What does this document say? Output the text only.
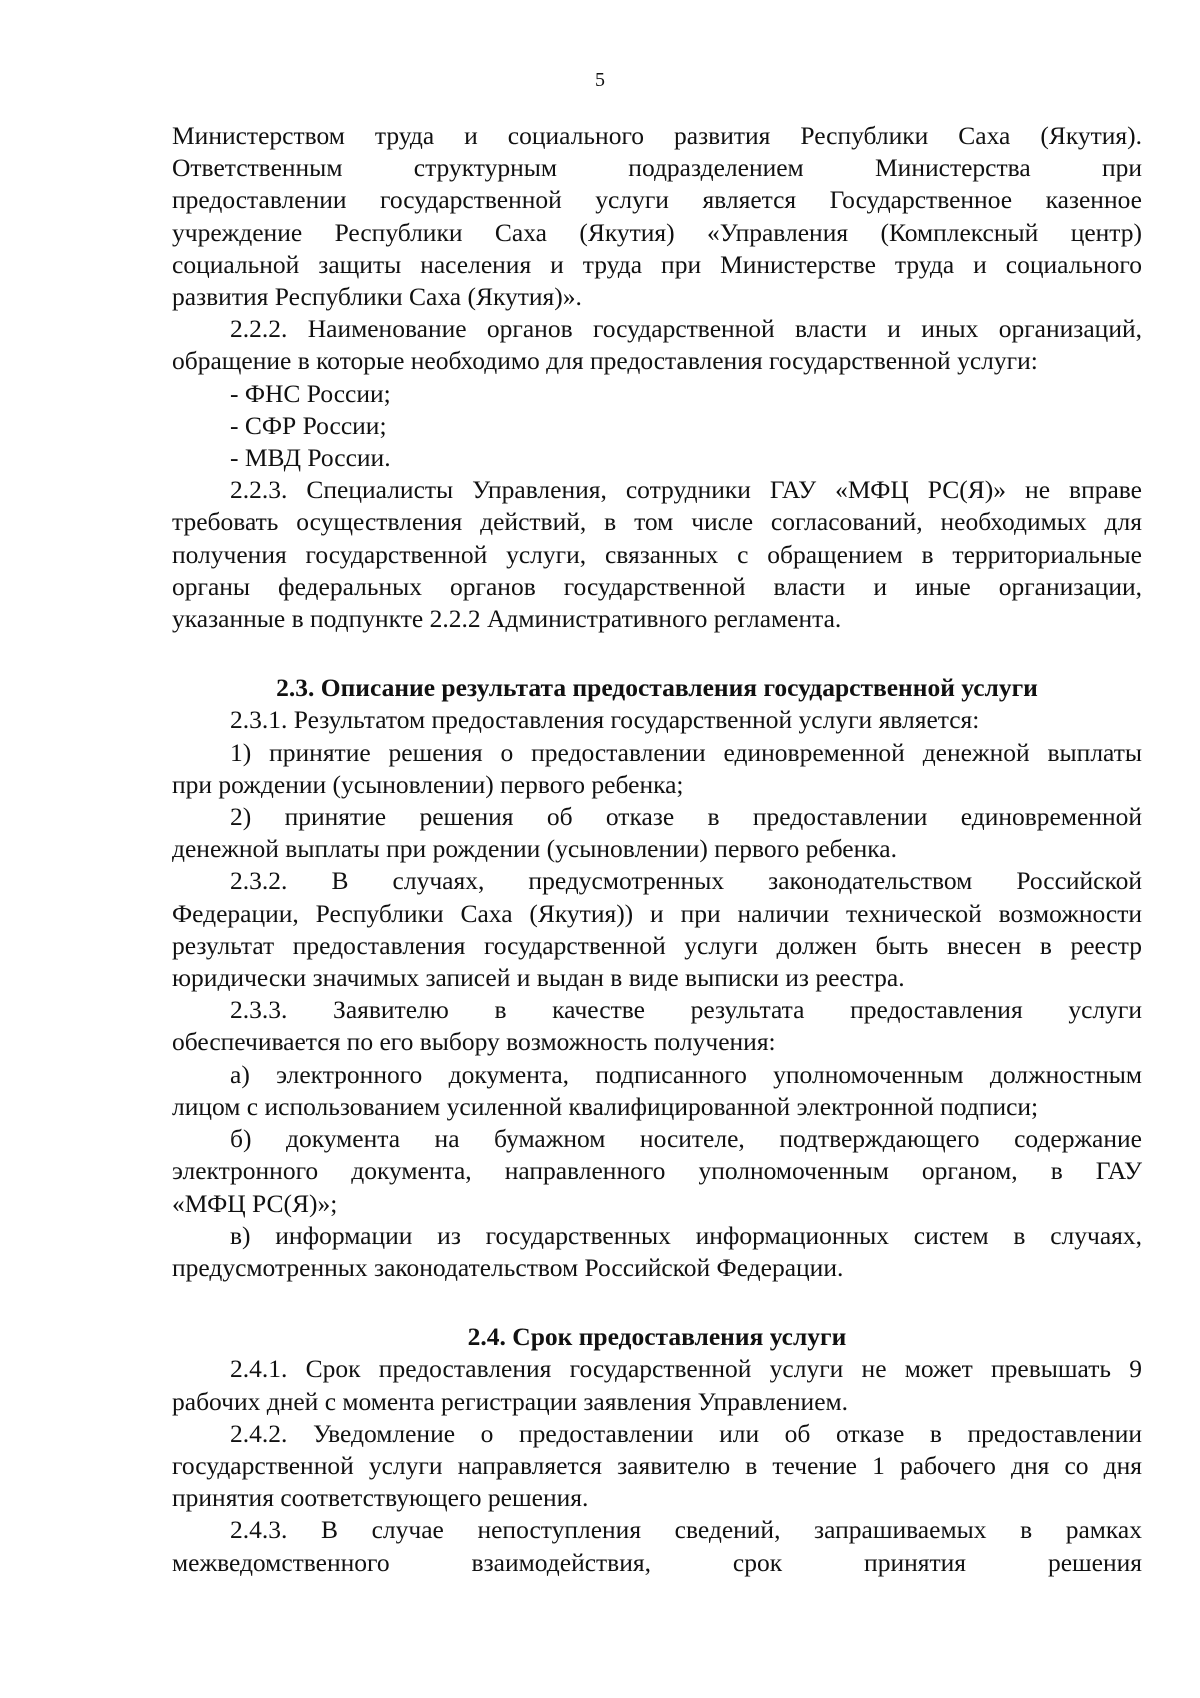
5
Министерством труда и социального развития Республики Саха (Якутия).
Ответственным структурным подразделением Министерства при
предоставлении государственной услуги является Государственное казенное
учреждение Республики Саха (Якутия) «Управления (Комплексный центр)
социальной защиты населения и труда при Министерстве труда и социального
развития Республики Саха (Якутия)».
2.2.2. Наименование органов государственной власти и иных организаций,
обращение в которые необходимо для предоставления государственной услуги:
- ФНС России;
- СФР России;
- МВД России.
2.2.3. Специалисты Управления, сотрудники ГАУ «МФЦ РС(Я)» не вправе
требовать осуществления действий, в том числе согласований, необходимых для
получения государственной услуги, связанных с обращением в территориальные
органы федеральных органов государственной власти и иные организации,
указанные в подпункте 2.2.2 Административного регламента.
2.3. Описание результата предоставления государственной услуги
2.3.1. Результатом предоставления государственной услуги является:
1) принятие решения о предоставлении единовременной денежной выплаты
при рождении (усыновлении) первого ребенка;
2) принятие решения об отказе в предоставлении единовременной
денежной выплаты при рождении (усыновлении) первого ребенка.
2.3.2. В случаях, предусмотренных законодательством Российской
Федерации, Республики Саха (Якутия)) и при наличии технической возможности
результат предоставления государственной услуги должен быть внесен в реестр
юридически значимых записей и выдан в виде выписки из реестра.
2.3.3. Заявителю в качестве результата предоставления услуги
обеспечивается по его выбору возможность получения:
а) электронного документа, подписанного уполномоченным должностным
лицом с использованием усиленной квалифицированной электронной подписи;
б) документа на бумажном носителе, подтверждающего содержание
электронного документа, направленного уполномоченным органом, в ГАУ
«МФЦ РС(Я)»;
в) информации из государственных информационных систем в случаях,
предусмотренных законодательством Российской Федерации.
2.4. Срок предоставления услуги
2.4.1. Срок предоставления государственной услуги не может превышать 9
рабочих дней с момента регистрации заявления Управлением.
2.4.2. Уведомление о предоставлении или об отказе в предоставлении
государственной услуги направляется заявителю в течение 1 рабочего дня со дня
принятия соответствующего решения.
2.4.3. В случае непоступления сведений, запрашиваемых в рамках
межведомственного взаимодействия, срок принятия решения
